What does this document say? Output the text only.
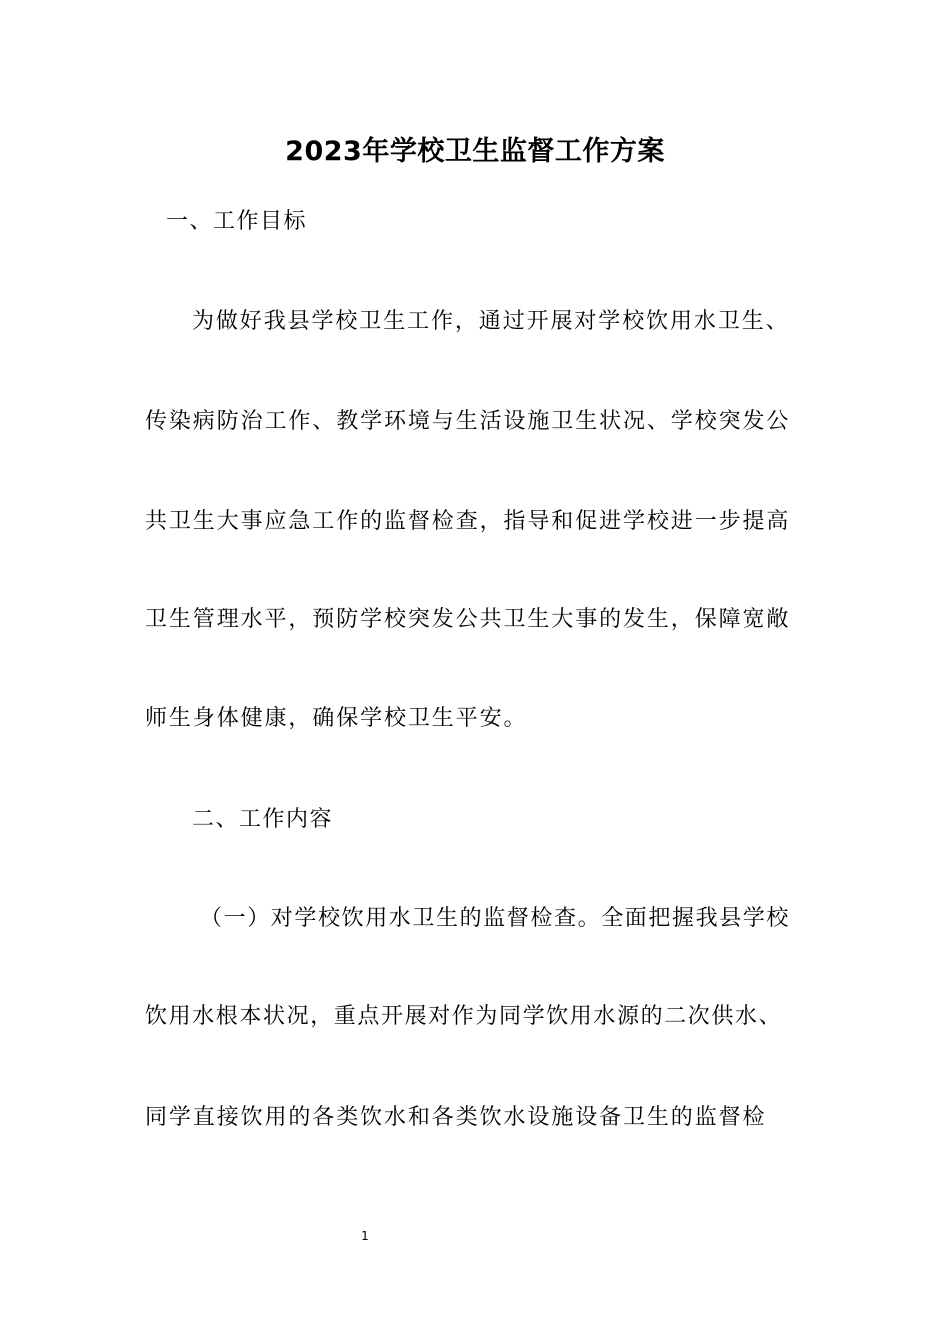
2023年学校卫生监督工作方案
一、工作目标
为做好我县学校卫生工作，通过开展对学校饮用水卫生、
传染病防治工作、教学环境与生活设施卫生状况、学校突发公
共卫生大事应急工作的监督检查，指导和促进学校进一步提高
卫生管理水平，预防学校突发公共卫生大事的发生，保障宽敞
师生身体健康，确保学校卫生平安。
二、工作内容
（一）对学校饮用水卫生的监督检查。全面把握我县学校
饮用水根本状况，重点开展对作为同学饮用水源的二次供水、
同学直接饮用的各类饮水和各类饮水设施设备卫生的监督检
1
